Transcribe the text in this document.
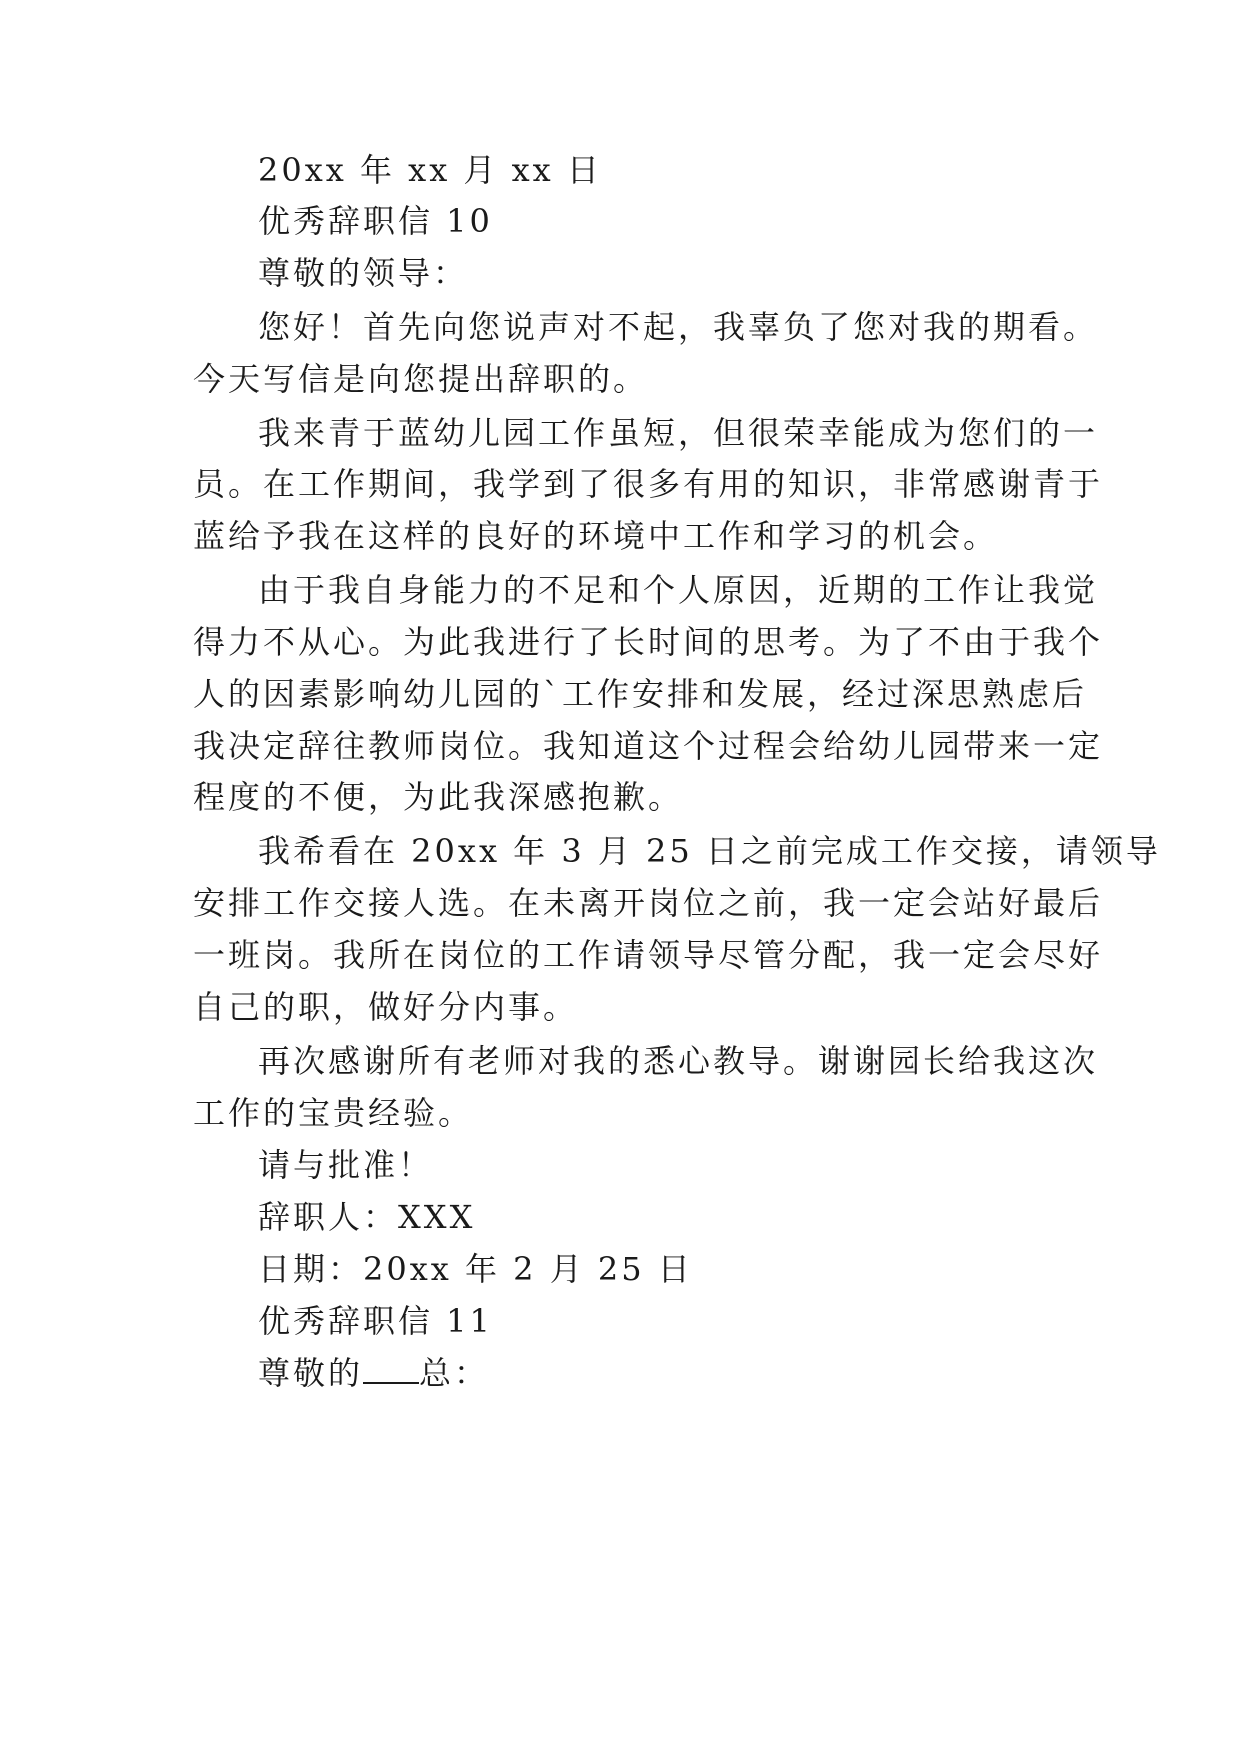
20xx 年 xx 月 xx 日
优秀辞职信 10
尊敬的领导：
您好！首先向您说声对不起，我辜负了您对我的期看。
今天写信是向您提出辞职的。
我来青于蓝幼儿园工作虽短，但很荣幸能成为您们的一
员。在工作期间，我学到了很多有用的知识，非常感谢青于
蓝给予我在这样的良好的环境中工作和学习的机会。
由于我自身能力的不足和个人原因，近期的工作让我觉
得力不从心。为此我进行了长时间的思考。为了不由于我个
人的因素影响幼儿园的`工作安排和发展，经过深思熟虑后
我决定辞往教师岗位。我知道这个过程会给幼儿园带来一定
程度的不便，为此我深感抱歉。
我希看在 20xx 年 3 月 25 日之前完成工作交接，请领导
安排工作交接人选。在未离开岗位之前，我一定会站好最后
一班岗。我所在岗位的工作请领导尽管分配，我一定会尽好
自己的职，做好分内事。
再次感谢所有老师对我的悉心教导。谢谢园长给我这次
工作的宝贵经验。
请与批准！
辞职人：XXX
日期：20xx 年 2 月 25 日
优秀辞职信 11
尊敬的 总：
